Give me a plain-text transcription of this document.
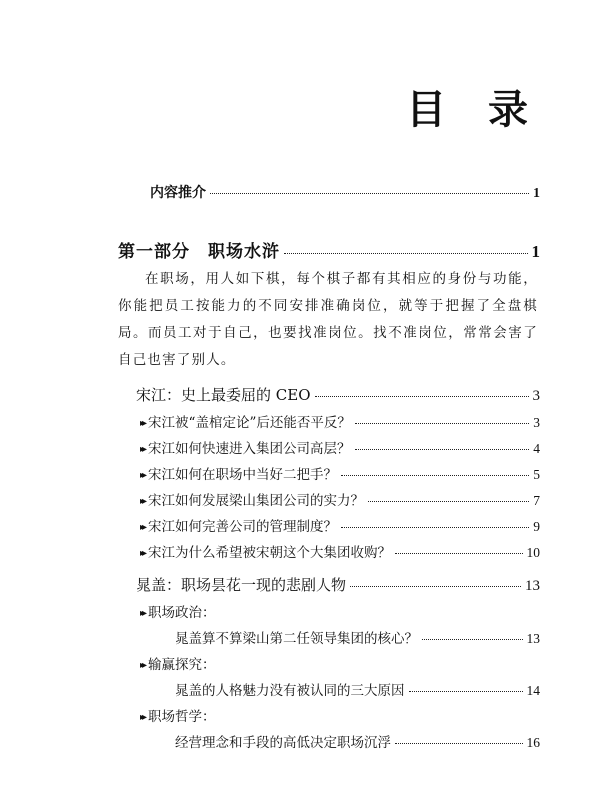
目 录
内容推介	1
第一部分　职场水浒	1
在职场，用人如下棋，每个棋子都有其相应的身份与功能，你能把员工按能力的不同安排准确岗位，就等于把握了全盘棋局。而员工对于自己，也要找准岗位。找不准岗位，常常会害了自己也害了别人。
宋江：史上最委屈的 CEO	3
▸▸ 宋江被“盖棺定论”后还能否平反？	3
▸▸ 宋江如何快速进入集团公司高层？	4
▸▸ 宋江如何在职场中当好二把手？	5
▸▸ 宋江如何发展梁山集团公司的实力？	7
▸▸ 宋江如何完善公司的管理制度？	9
▸▸ 宋江为什么希望被宋朝这个大集团收购？	10
晁盖：职场昙花一现的悲剧人物	13
▸▸ 职场政治：
晁盖算不算梁山第二任领导集团的核心？	13
▸▸ 输赢探究：
晁盖的人格魅力没有被认同的三大原因	14
▸▸ 职场哲学：
经营理念和手段的高低决定职场沉浮	16
